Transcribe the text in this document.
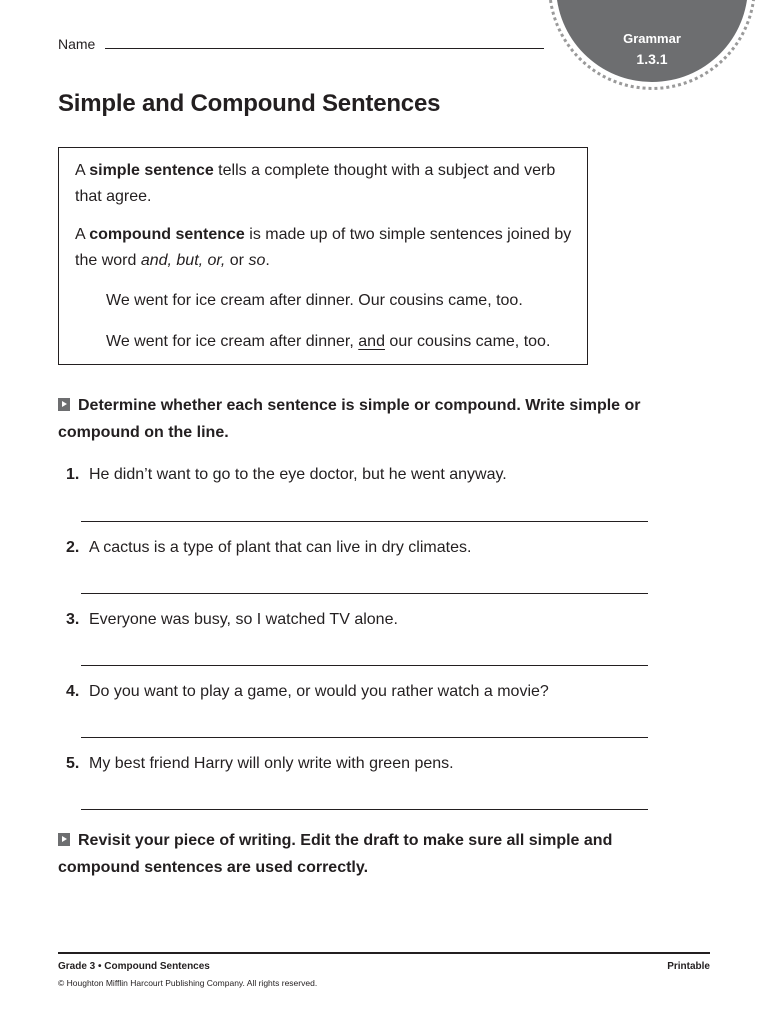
Grammar
1.3.1
Name
Simple and Compound Sentences
A simple sentence tells a complete thought with a subject and verb that agree.
A compound sentence is made up of two simple sentences joined by the word and, but, or, or so.
We went for ice cream after dinner. Our cousins came, too.
We went for ice cream after dinner, and our cousins came, too.
Determine whether each sentence is simple or compound. Write simple or compound on the line.
1. He didn’t want to go to the eye doctor, but he went anyway.
2. A cactus is a type of plant that can live in dry climates.
3. Everyone was busy, so I watched TV alone.
4. Do you want to play a game, or would you rather watch a movie?
5. My best friend Harry will only write with green pens.
Revisit your piece of writing. Edit the draft to make sure all simple and compound sentences are used correctly.
Grade 3 • Compound Sentences
© Houghton Mifflin Harcourt Publishing Company. All rights reserved.
Printable
